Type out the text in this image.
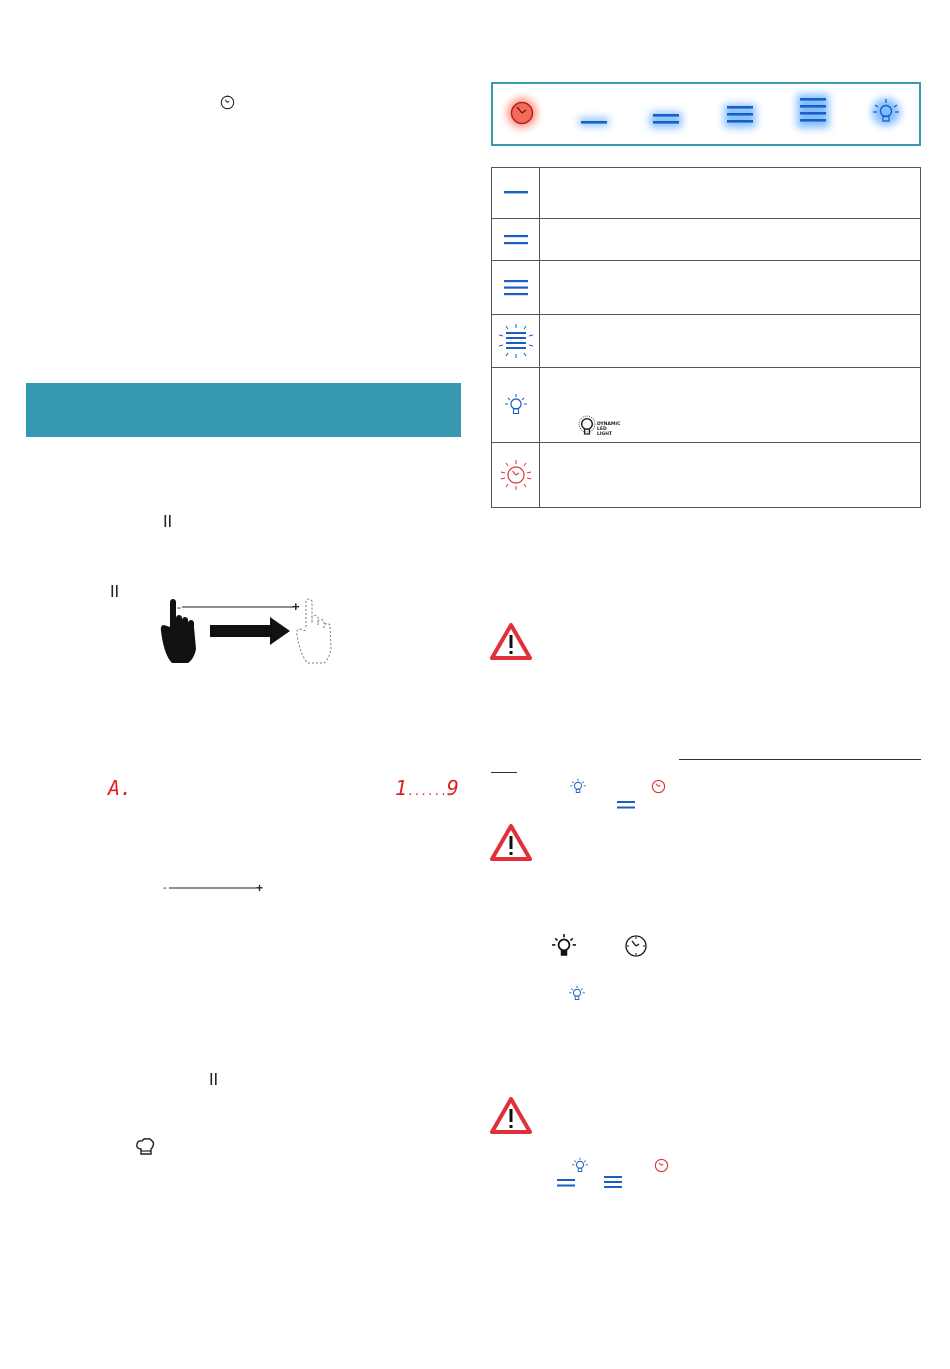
-	+
A.	1 ...... 9
-	+
DYNAMIC LED LIGHT
